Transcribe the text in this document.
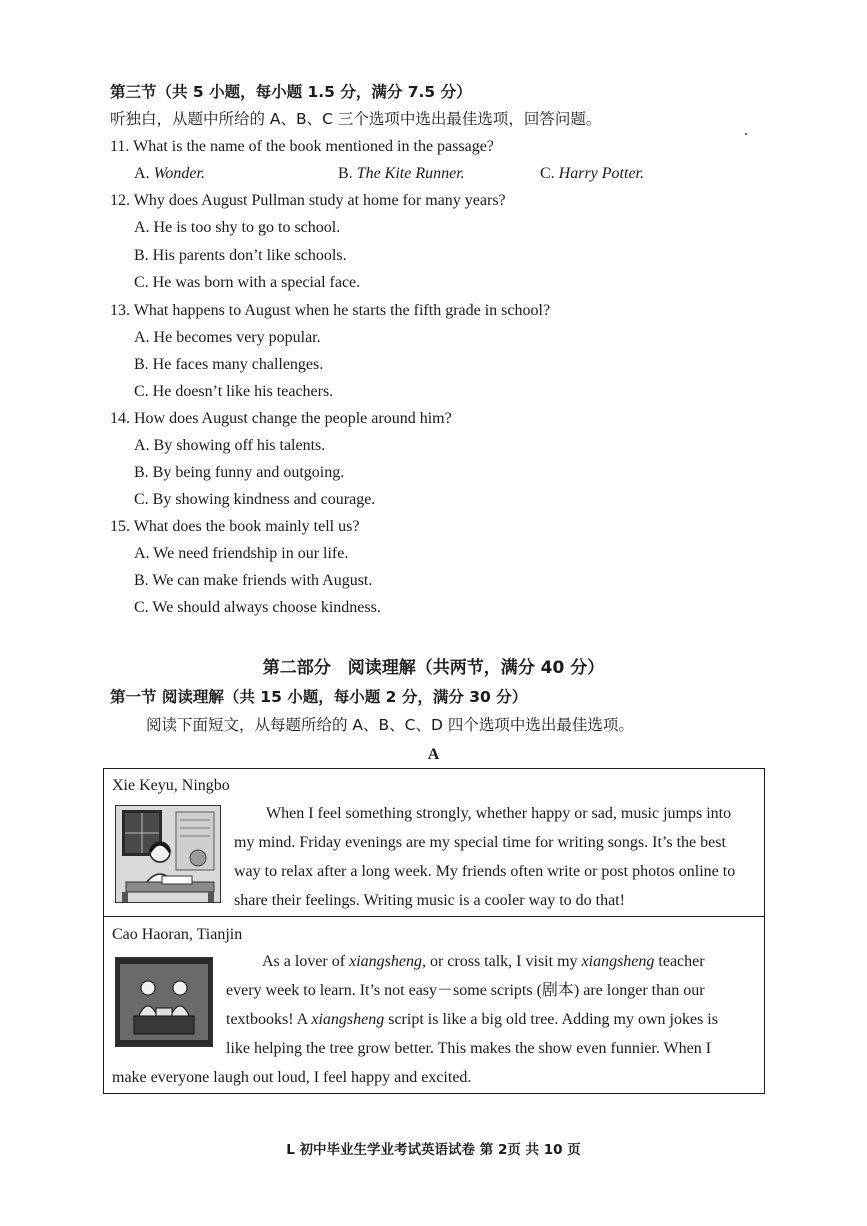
第三节（共 5 小题，每小题 1.5 分，满分 7.5 分）
听独白，从题中所给的 A、B、C 三个选项中选出最佳选项，回答问题。
11. What is the name of the book mentioned in the passage?
A. Wonder.	B. The Kite Runner.	C. Harry Potter.
12. Why does August Pullman study at home for many years?
A. He is too shy to go to school.
B. His parents don’t like schools.
C. He was born with a special face.
13. What happens to August when he starts the fifth grade in school?
A. He becomes very popular.
B. He faces many challenges.
C. He doesn’t like his teachers.
14. How does August change the people around him?
A. By showing off his talents.
B. By being funny and outgoing.
C. By showing kindness and courage.
15. What does the book mainly tell us?
A. We need friendship in our life.
B. We can make friends with August.
C. We should always choose kindness.
第二部分　阅读理解（共两节，满分 40 分）
第一节 阅读理解（共 15 小题，每小题 2 分，满分 30 分）
阅读下面短文，从每题所给的 A、B、C、D 四个选项中选出最佳选项。
A
Xie Keyu, Ningbo
When I feel something strongly, whether happy or sad, music jumps into
my mind. Friday evenings are my special time for writing songs. It’s the best
way to relax after a long week. My friends often write or post photos online to
share their feelings. Writing music is a cooler way to do that!
Cao Haoran, Tianjin
As a lover of xiangsheng, or cross talk, I visit my xiangsheng teacher
every week to learn. It’s not easy－some scripts (剧本) are longer than our
textbooks! A xiangsheng script is like a big old tree. Adding my own jokes is
like helping the tree grow better. This makes the show even funnier. When I
make everyone laugh out loud, I feel happy and excited.
L 初中毕业生学业考试英语试卷 第 2页 共 10 页
